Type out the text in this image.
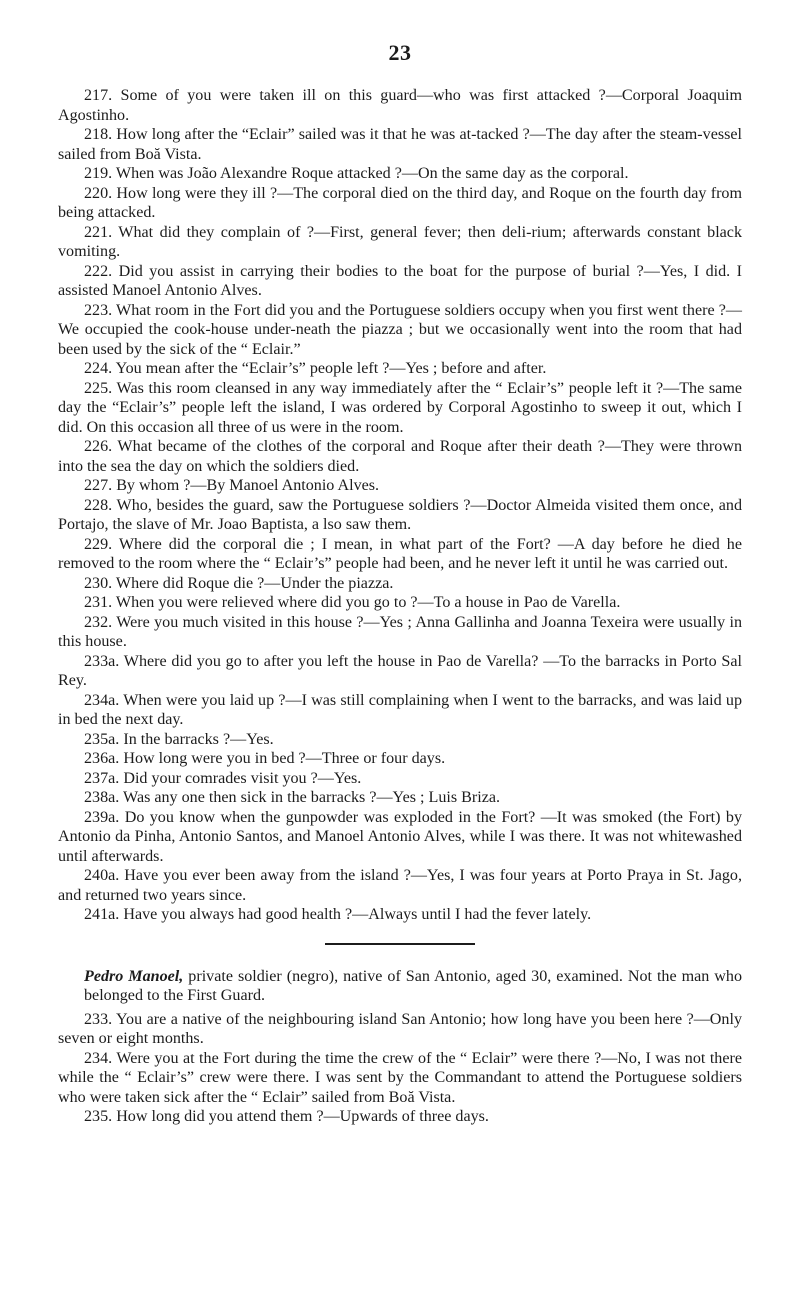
23

217. Some of you were taken ill on this guard—who was first attacked ?—Corporal Joaquim Agostinho.

218. How long after the “Eclair” sailed was it that he was at-tacked ?—The day after the steam-vessel sailed from Boă Vista.

219. When was João Alexandre Roque attacked ?—On the same day as the corporal.

220. How long were they ill ?—The corporal died on the third day, and Roque on the fourth day from being attacked.

221. What did they complain of ?—First, general fever; then deli-rium; afterwards constant black vomiting.

222. Did you assist in carrying their bodies to the boat for the purpose of burial ?—Yes, I did. I assisted Manoel Antonio Alves.

223. What room in the Fort did you and the Portuguese soldiers occupy when you first went there ?—We occupied the cook-house under-neath the piazza ; but we occasionally went into the room that had been used by the sick of the “ Eclair.”

224. You mean after the “Eclair’s” people left ?—Yes ; before and after.

225. Was this room cleansed in any way immediately after the “ Eclair’s” people left it ?—The same day the “Eclair’s” people left the island, I was ordered by Corporal Agostinho to sweep it out, which I did. On this occasion all three of us were in the room.

226. What became of the clothes of the corporal and Roque after their death ?—They were thrown into the sea the day on which the soldiers died.

227. By whom ?—By Manoel Antonio Alves.

228. Who, besides the guard, saw the Portuguese soldiers ?—Doctor Almeida visited them once, and Portajo, the slave of Mr. Joao Baptista, a lso saw them.

229. Where did the corporal die ; I mean, in what part of the Fort? —A day before he died he removed to the room where the “ Eclair’s” people had been, and he never left it until he was carried out.

230. Where did Roque die ?—Under the piazza.

231. When you were relieved where did you go to ?—To a house in Pao de Varella.

232. Were you much visited in this house ?—Yes ; Anna Gallinha and Joanna Texeira were usually in this house.

233a. Where did you go to after you left the house in Pao de Varella? —To the barracks in Porto Sal Rey.

234a. When were you laid up ?—I was still complaining when I went to the barracks, and was laid up in bed the next day.

235a. In the barracks ?—Yes.

236a. How long were you in bed ?—Three or four days.

237a. Did your comrades visit you ?—Yes.

238a. Was any one then sick in the barracks ?—Yes ; Luis Briza.

239a. Do you know when the gunpowder was exploded in the Fort? —It was smoked (the Fort) by Antonio da Pinha, Antonio Santos, and Manoel Antonio Alves, while I was there. It was not whitewashed until afterwards.

240a. Have you ever been away from the island ?—Yes, I was four years at Porto Praya in St. Jago, and returned two years since.

241a. Have you always had good health ?—Always until I had the fever lately.

Pedro Manoel, private soldier (negro), native of San Antonio, aged 30, examined. Not the man who belonged to the First Guard.

233. You are a native of the neighbouring island San Antonio; how long have you been here ?—Only seven or eight months.

234. Were you at the Fort during the time the crew of the “ Eclair” were there ?—No, I was not there while the “ Eclair’s” crew were there. I was sent by the Commandant to attend the Portuguese soldiers who were taken sick after the “ Eclair” sailed from Boă Vista.

235. How long did you attend them ?—Upwards of three days.
